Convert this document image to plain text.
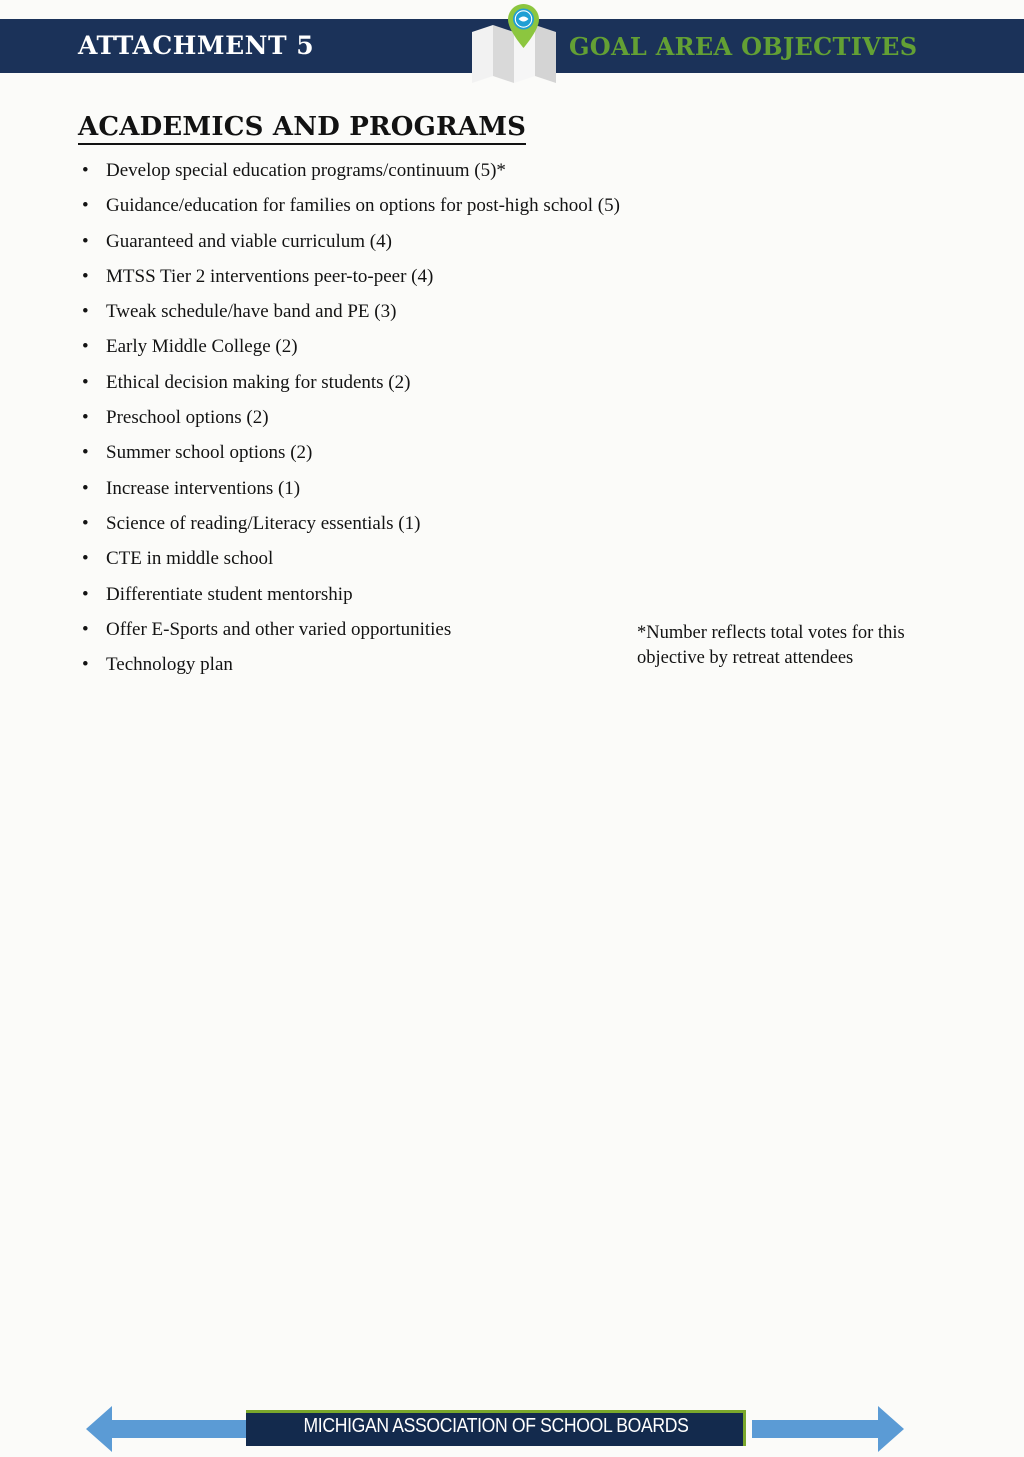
ATTACHMENT 5	GOAL AREA OBJECTIVES
ACADEMICS AND PROGRAMS
• Develop special education programs/continuum (5)*
• Guidance/education for families on options for post-high school (5)
• Guaranteed and viable curriculum (4)
• MTSS Tier 2 interventions peer-to-peer (4)
• Tweak schedule/have band and PE (3)
• Early Middle College (2)
• Ethical decision making for students (2)
• Preschool options (2)
• Summer school options (2)
• Increase interventions (1)
• Science of reading/Literacy essentials (1)
• CTE in middle school
• Differentiate student mentorship
• Offer E-Sports and other varied opportunities
• Technology plan
*Number reflects total votes for this objective by retreat attendees
MICHIGAN ASSOCIATION OF SCHOOL BOARDS
